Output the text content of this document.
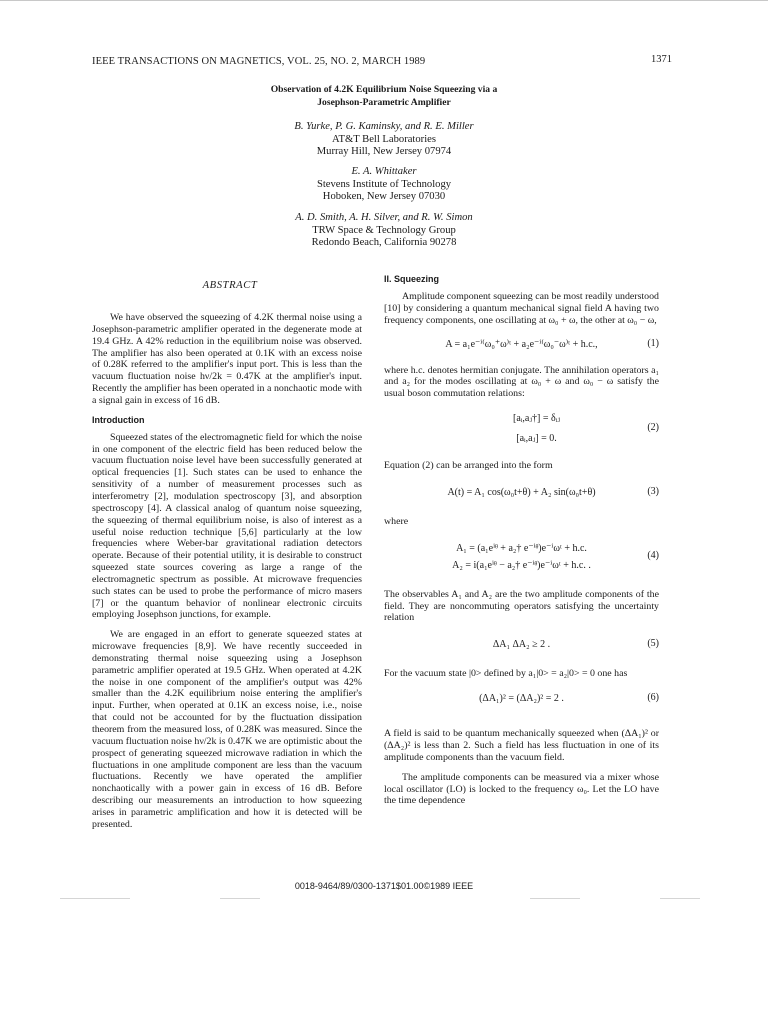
IEEE TRANSACTIONS ON MAGNETICS, VOL. 25, NO. 2, MARCH 1989	1371
Observation of 4.2K Equilibrium Noise Squeezing via a
Josephson-Parametric Amplifier
B. Yurke, P. G. Kaminsky, and R. E. Miller
AT&T Bell Laboratories
Murray Hill, New Jersey 07974
E. A. Whittaker
Stevens Institute of Technology
Hoboken, New Jersey 07030
A. D. Smith, A. H. Silver, and R. W. Simon
TRW Space & Technology Group
Redondo Beach, California 90278
ABSTRACT

We have observed the squeezing of 4.2K thermal noise using a Josephson-parametric amplifier operated in the degenerate mode at 19.4 GHz. A 42% reduction in the equilibrium noise was observed. The amplifier has also been operated at 0.1K with an excess noise of 0.28K referred to the amplifier's input port. This is less than the vacuum fluctuation noise hν/2k = 0.47K at the amplifier's input. Recently the amplifier has been operated in a nonchaotic mode with a signal gain in excess of 16 dB.

Introduction

Squeezed states of the electromagnetic field for which the noise in one component of the electric field has been reduced below the vacuum fluctuation noise level have been successfully generated at optical frequencies [1]. Such states can be used to enhance the sensitivity of a number of measurement processes such as interferometry [2], modulation spectroscopy [3], and absorption spectroscopy [4]. A classical analog of quantum noise squeezing, the squeezing of thermal equilibrium noise, is also of interest as a useful noise reduction technique [5,6] particularly at the low frequencies where Weber-bar gravitational radiation detectors operate. Because of their potential utility, it is desirable to construct squeezed state sources covering as large a range of the electromagnetic spectrum as possible. At microwave frequencies such states can be used to probe the performance of micro masers [7] or the quantum behavior of nonlinear electronic circuits employing Josephson junctions, for example.

We are engaged in an effort to generate squeezed states at microwave frequencies [8,9]. We have recently succeeded in demonstrating thermal noise squeezing using a Josephson parametric amplifier operated at 19.5 GHz. When operated at 4.2K the noise in one component of the amplifier's output was 42% smaller than the 4.2K equilibrium noise entering the amplifier's input. Further, when operated at 0.1K an excess noise, i.e., noise that could not be accounted for by the fluctuation dissipation theorem from the measured loss, of 0.28K was measured. Since the vacuum fluctuation noise hν/2k is 0.47K we are optimistic about the prospect of generating squeezed microwave radiation in which the fluctuations in one amplitude component are less than the vacuum fluctuations. Recently we have operated the amplifier nonchaotically with a power gain in excess of 16 dB. Before describing our measurements an introduction to how squeezing arises in parametric amplification and how it is detected will be presented.

II. Squeezing

Amplitude component squeezing can be most readily understood [10] by considering a quantum mechanical signal field A having two frequency components, one oscillating at ω₀ + ω, the other at ω₀ − ω,

A = a₁e⁻ⁱ⁽ω₀⁺ω⁾ᵗ + a₂e⁻ⁱ⁽ω₀⁻ω⁾ᵗ + h.c.,	(1)

where h.c. denotes hermitian conjugate. The annihilation operators a₁ and a₂ for the modes oscillating at ω₀ + ω and ω₀ − ω satisfy the usual boson commutation relations:

[aᵢ,aⱼ†] = δᵢⱼ
[aᵢ,aⱼ] = 0.
(2)

Equation (2) can be arranged into the form

A(t) = A₁ cos(ω₀t+θ) + A₂ sin(ω₀t+θ)	(3)

where

A₁ = (a₁eⁱᶿ + a₂† e⁻ⁱᶿ)e⁻ⁱωᵗ + h.c.
A₂ = i(a₁eⁱᶿ − a₂† e⁻ⁱᶿ)e⁻ⁱωᵗ + h.c. .
(4)

The observables A₁ and A₂ are the two amplitude components of the field. They are noncommuting operators satisfying the uncertainty relation

ΔA₁ ΔA₂ ≥ 2 .	(5)

For the vacuum state |0> defined by a₁|0> = a₂|0> = 0 one has

(ΔA₁)² = (ΔA₂)² = 2 .	(6)

A field is said to be quantum mechanically squeezed when (ΔA₁)² or (ΔA₂)² is less than 2. Such a field has less fluctuation in one of its amplitude components than the vacuum field.

The amplitude components can be measured via a mixer whose local oscillator (LO) is locked to the frequency ω₀. Let the LO have the time dependence

0018-9464/89/0300-1371$01.00©1989 IEEE
